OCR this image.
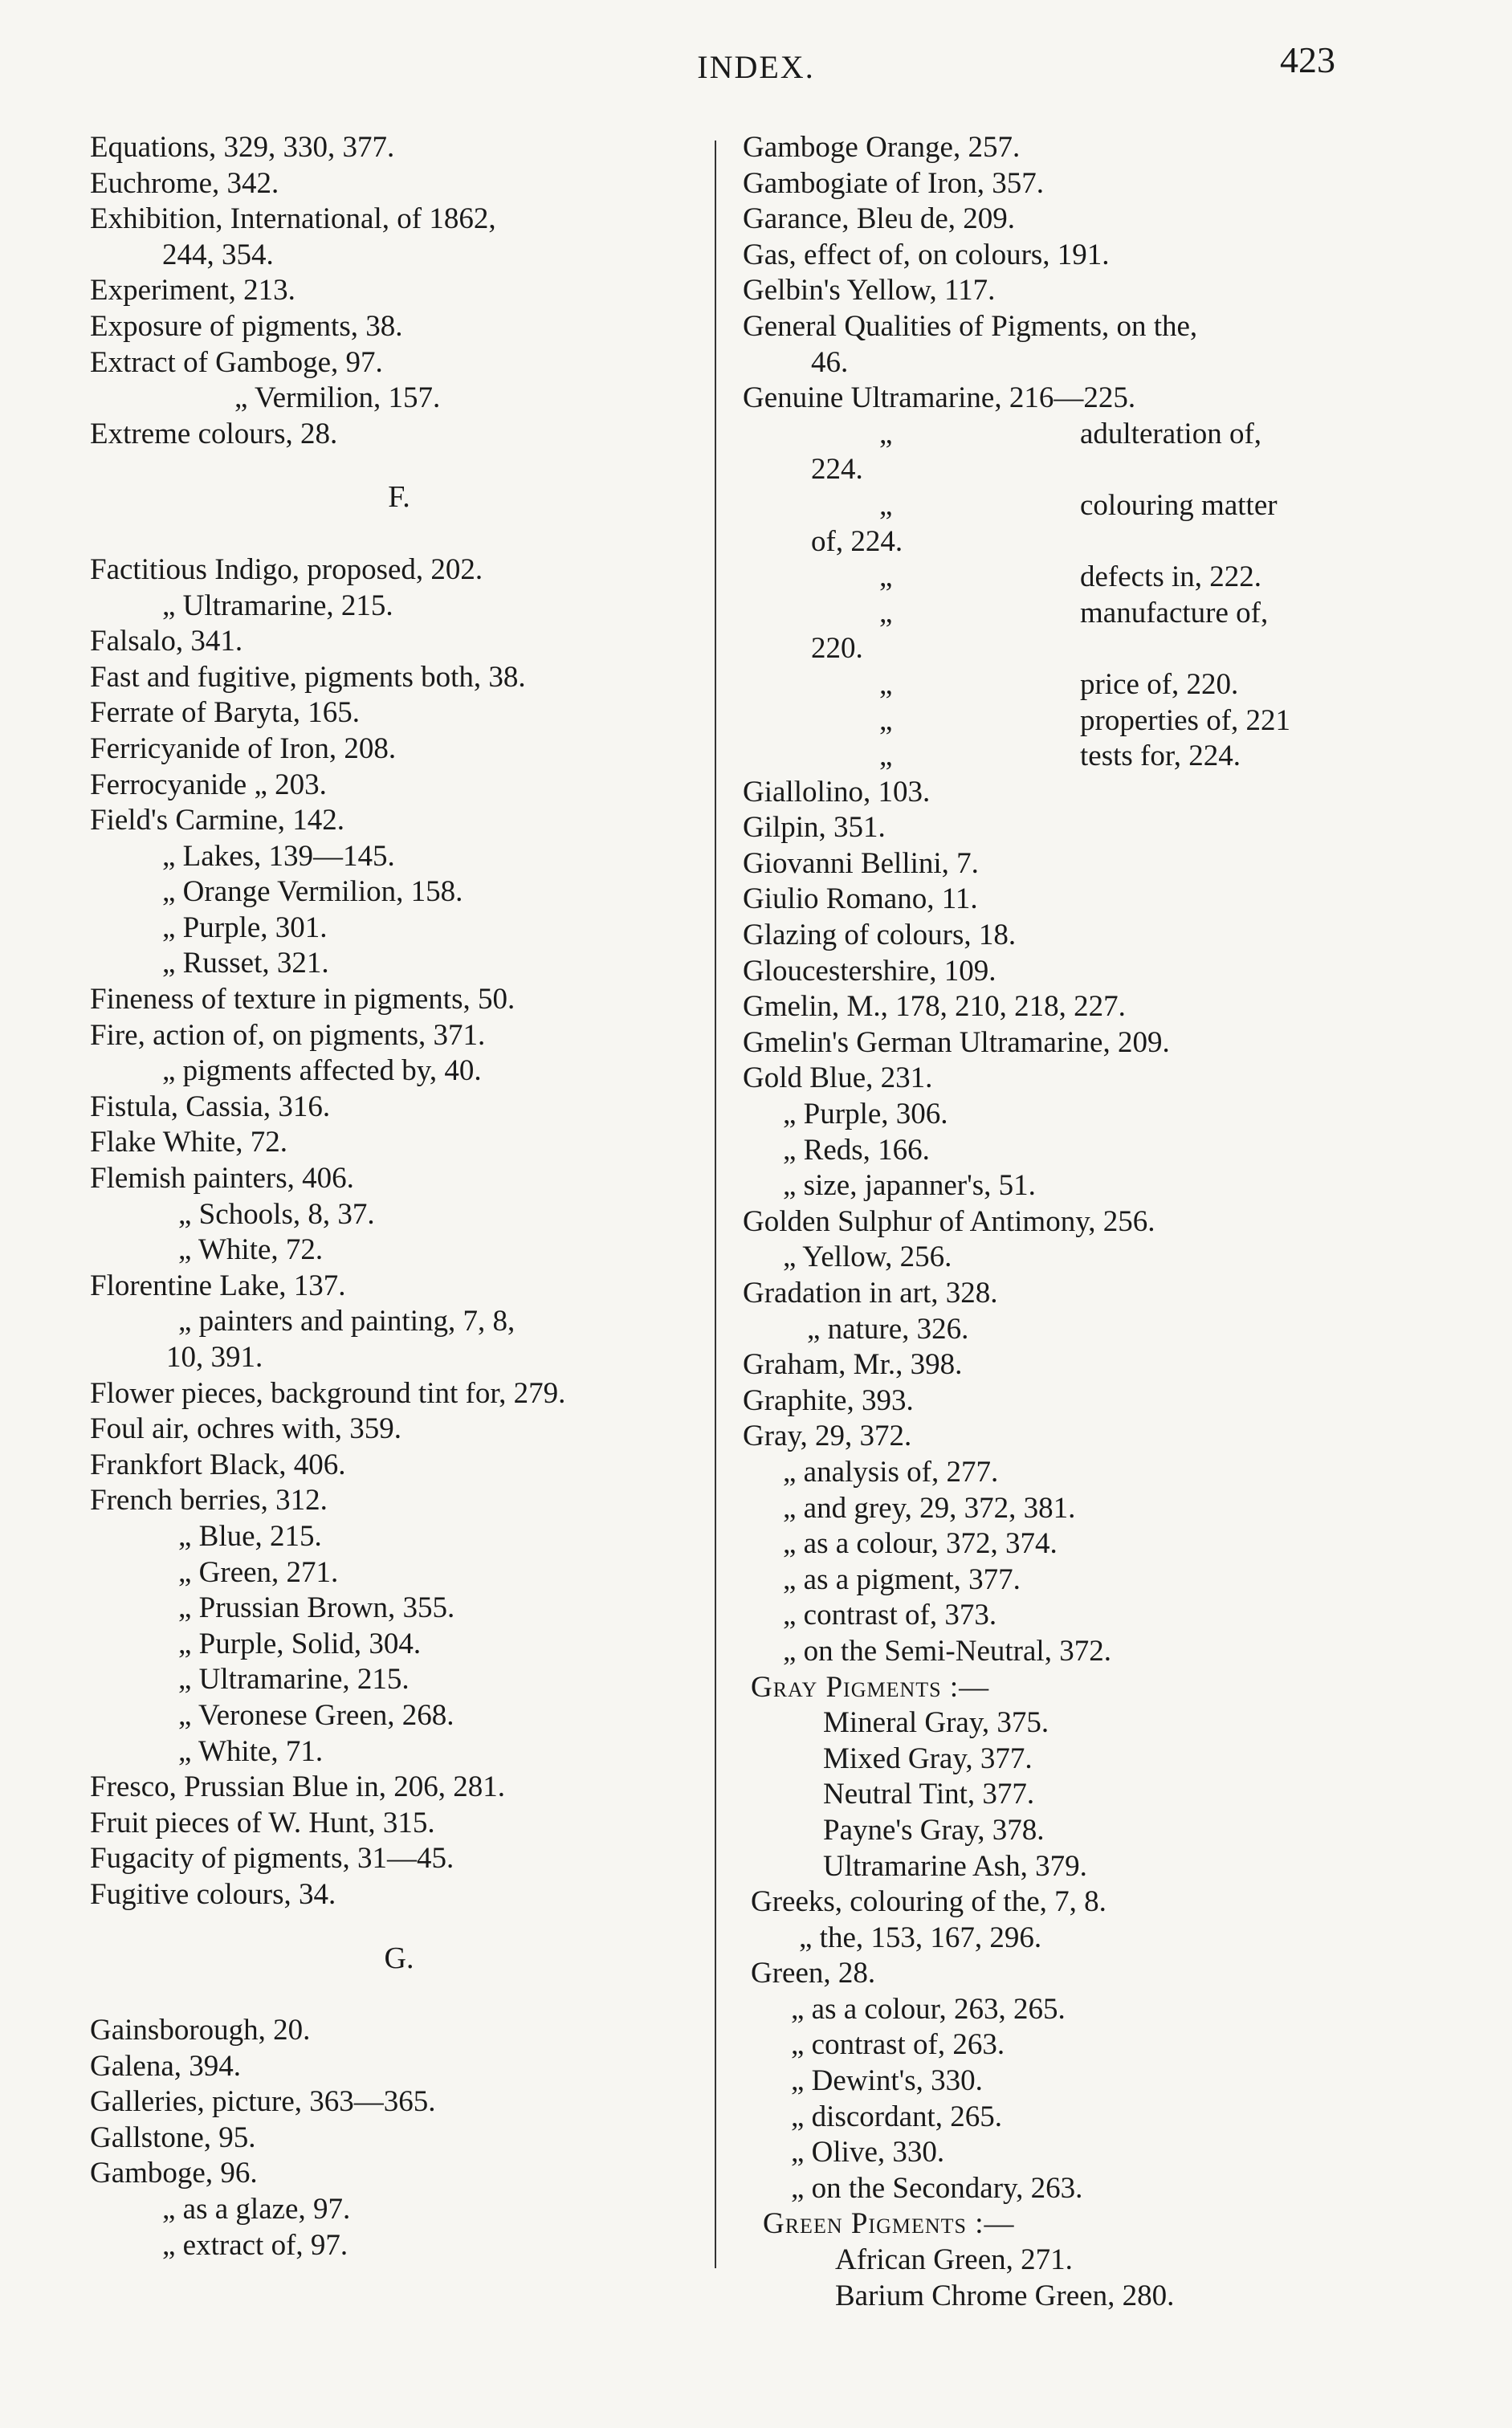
INDEX.	423
Equations, 329, 330, 377.
Euchrome, 342.
Exhibition, International, of 1862,
244, 354.
Experiment, 213.
Exposure of pigments, 38.
Extract of Gamboge, 97.
„ Vermilion, 157.
Extreme colours, 28.
F.
Factitious Indigo, proposed, 202.
„ Ultramarine, 215.
Falsalo, 341.
Fast and fugitive, pigments both, 38.
Ferrate of Baryta, 165.
Ferricyanide of Iron, 208.
Ferrocyanide „ 203.
Field's Carmine, 142.
„ Lakes, 139—145.
„ Orange Vermilion, 158.
„ Purple, 301.
„ Russet, 321.
Fineness of texture in pigments, 50.
Fire, action of, on pigments, 371.
„ pigments affected by, 40.
Fistula, Cassia, 316.
Flake White, 72.
Flemish painters, 406.
„ Schools, 8, 37.
„ White, 72.
Florentine Lake, 137.
„ painters and painting, 7, 8,
10, 391.
Flower pieces, background tint for, 279.
Foul air, ochres with, 359.
Frankfort Black, 406.
French berries, 312.
„ Blue, 215.
„ Green, 271.
„ Prussian Brown, 355.
„ Purple, Solid, 304.
„ Ultramarine, 215.
„ Veronese Green, 268.
„ White, 71.
Fresco, Prussian Blue in, 206, 281.
Fruit pieces of W. Hunt, 315.
Fugacity of pigments, 31—45.
Fugitive colours, 34.
G.
Gainsborough, 20.
Galena, 394.
Galleries, picture, 363—365.
Gallstone, 95.
Gamboge, 96.
„ as a glaze, 97.
„ extract of, 97.
Gamboge Orange, 257.
Gambogiate of Iron, 357.
Garance, Bleu de, 209.
Gas, effect of, on colours, 191.
Gelbin's Yellow, 117.
General Qualities of Pigments, on the,
46.
Genuine Ultramarine, 216—225.
„	adulteration of,
224.
„	colouring matter
of, 224.
„	defects in, 222.
„	manufacture of,
220.
„	price of, 220.
„	properties of, 221
„	tests for, 224.
Giallolino, 103.
Gilpin, 351.
Giovanni Bellini, 7.
Giulio Romano, 11.
Glazing of colours, 18.
Gloucestershire, 109.
Gmelin, M., 178, 210, 218, 227.
Gmelin's German Ultramarine, 209.
Gold Blue, 231.
„ Purple, 306.
„ Reds, 166.
„ size, japanner's, 51.
Golden Sulphur of Antimony, 256.
„ Yellow, 256.
Gradation in art, 328.
„ nature, 326.
Graham, Mr., 398.
Graphite, 393.
Gray, 29, 372.
„ analysis of, 277.
„ and grey, 29, 372, 381.
„ as a colour, 372, 374.
„ as a pigment, 377.
„ contrast of, 373.
„ on the Semi-Neutral, 372.
Gray Pigments :—
Mineral Gray, 375.
Mixed Gray, 377.
Neutral Tint, 377.
Payne's Gray, 378.
Ultramarine Ash, 379.
Greeks, colouring of the, 7, 8.
„ the, 153, 167, 296.
Green, 28.
„ as a colour, 263, 265.
„ contrast of, 263.
„ Dewint's, 330.
„ discordant, 265.
„ Olive, 330.
„ on the Secondary, 263.
Green Pigments :—
African Green, 271.
Barium Chrome Green, 280.
